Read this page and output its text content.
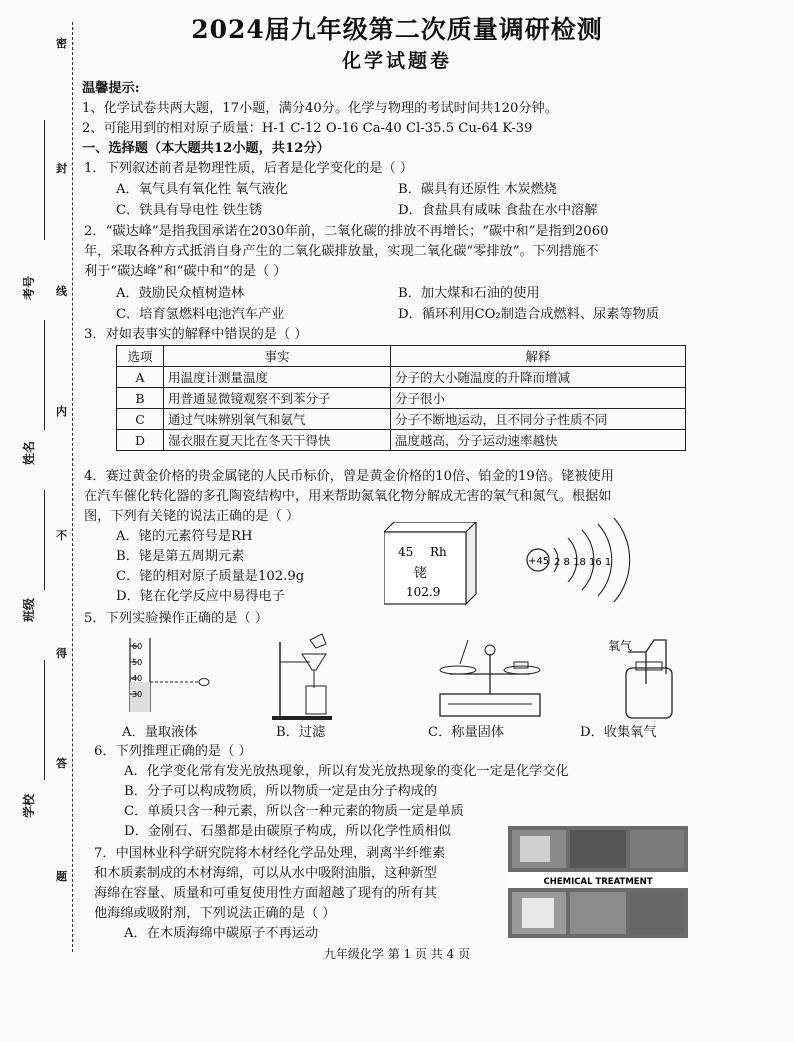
密
封
线
内
不
得
答
题
考号
姓名
班级
学校
2024届九年级第二次质量调研检测
化学试题卷
温馨提示:
1、化学试卷共两大题，17小题，满分40分。化学与物理的考试时间共120分钟。
2、可能用到的相对原子质量：H-1 C-12 O-16 Ca-40 Cl-35.5 Cu-64 K-39
一、选择题（本大题共12小题，共12分）
1．下列叙述前者是物理性质，后者是化学变化的是（ ）
A．氧气具有氧化性 氧气液化	B．碳具有还原性 木炭燃烧
C．铁具有导电性 铁生锈	D．食盐具有咸味 食盐在水中溶解
2．“碳达峰”是指我国承诺在2030年前，二氧化碳的排放不再增长；“碳中和”是指到2060
年，采取各种方式抵消自身产生的二氧化碳排放量，实现二氧化碳“零排放”。下列措施不
利于“碳达峰”和“碳中和”的是（ ）
A．鼓励民众植树造林	B．加大煤和石油的使用
C．培育氢燃料电池汽车产业	D．循环利用CO₂制造合成燃料、尿素等物质
3．对如表事实的解释中错误的是（ ）
选项	事实	解释
A	用温度计测量温度	分子的大小随温度的升降而增减
B	用普通显微镜观察不到苯分子	分子很小
C	通过气味辨别氧气和氨气	分子不断地运动，且不同分子性质不同
D	湿衣服在夏天比在冬天干得快	温度越高，分子运动速率越快
4．赛过黄金价格的贵金属铑的人民币标价，曾是黄金价格的10倍、铂金的19倍。铑被使用
在汽车催化转化器的多孔陶瓷结构中，用来帮助氮氧化物分解成无害的氧气和氮气。根据如
图，下列有关铑的说法正确的是（ ）
A．铑的元素符号是RH
B．铑是第五周期元素
C．铑的相对原子质量是102.9g
D．铑在化学反应中易得电子
45 Rh
铑
102.9
+45 2 8 18 16 1
5．下列实验操作正确的是（ ）
60
50
40
30
氧气
A．量取液体	B．过滤	C．称量固体	D．收集氧气
6．下列推理正确的是（ ）
A．化学变化常有发光放热现象，所以有发光放热现象的变化一定是化学交化
B．分子可以构成物质，所以物质一定是由分子构成的
C．单质只含一种元素，所以含一种元素的物质一定是单质
D．金刚石、石墨都是由碳原子构成，所以化学性质相似
7．中国林业科学研究院将木材经化学品处理，剥离半纤维素
和木质素制成的木材海绵，可以从水中吸附油脂，这种新型
海绵在容量、质量和可重复使用性方面超越了现有的所有其
他海绵或吸附剂，下列说法正确的是（ ）
A．在木质海绵中碳原子不再运动
CHEMICAL TREATMENT
九年级化学 第 1 页 共 4 页
